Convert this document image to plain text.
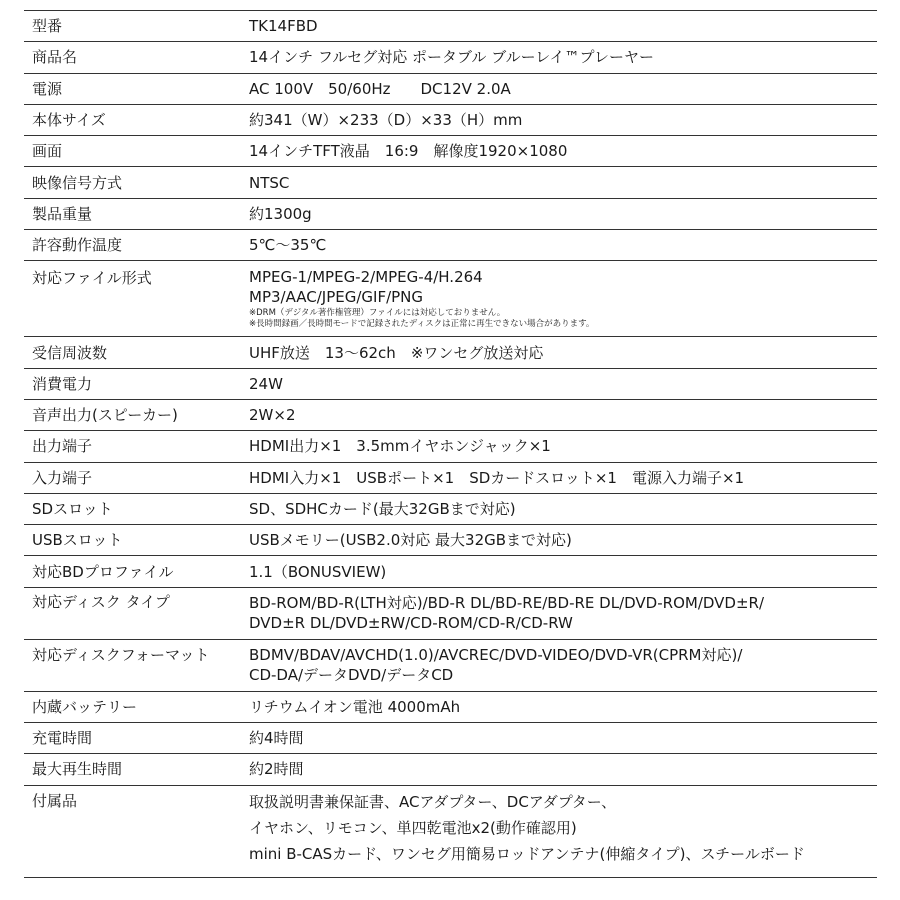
型番	TK14FBD
商品名	14インチ フルセグ対応 ポータブル ブルーレイ™プレーヤー
電源	AC 100V　50/60Hz　　DC12V 2.0A
本体サイズ	約341（W）×233（D）×33（H）mm
画面	14インチTFT液晶　16:9　解像度1920×1080
映像信号方式	NTSC
製品重量	約1300g
許容動作温度	5℃～35℃
対応ファイル形式	MPEG-1/MPEG-2/MPEG-4/H.264
MP3/AAC/JPEG/GIF/PNG
※DRM（デジタル著作権管理）ファイルには対応しておりません。
※長時間録画／長時間モードで記録されたディスクは正常に再生できない場合があります。
受信周波数	UHF放送　13～62ch　※ワンセグ放送対応
消費電力	24W
音声出力(スピーカー)	2W×2
出力端子	HDMI出力×1　3.5mmイヤホンジャック×1
入力端子	HDMI入力×1　USBポート×1　SDカードスロット×1　電源入力端子×1
SDスロット	SD、SDHCカード(最大32GBまで対応)
USBスロット	USBメモリー(USB2.0対応 最大32GBまで対応)
対応BDプロファイル	1.1（BONUSVIEW)
対応ディスク タイプ	BD-ROM/BD-R(LTH対応)/BD-R DL/BD-RE/BD-RE DL/DVD-ROM/DVD±R/
DVD±R DL/DVD±RW/CD-ROM/CD-R/CD-RW
対応ディスクフォーマット	BDMV/BDAV/AVCHD(1.0)/AVCREC/DVD-VIDEO/DVD-VR(CPRM対応)/
CD-DA/データDVD/データCD
内蔵バッテリー	リチウムイオン電池 4000mAh
充電時間	約4時間
最大再生時間	約2時間
付属品	取扱説明書兼保証書、ACアダプター、DCアダプター、
イヤホン、リモコン、単四乾電池x2(動作確認用)
mini B-CASカード、ワンセグ用簡易ロッドアンテナ(伸縮タイプ)、スチールボード
